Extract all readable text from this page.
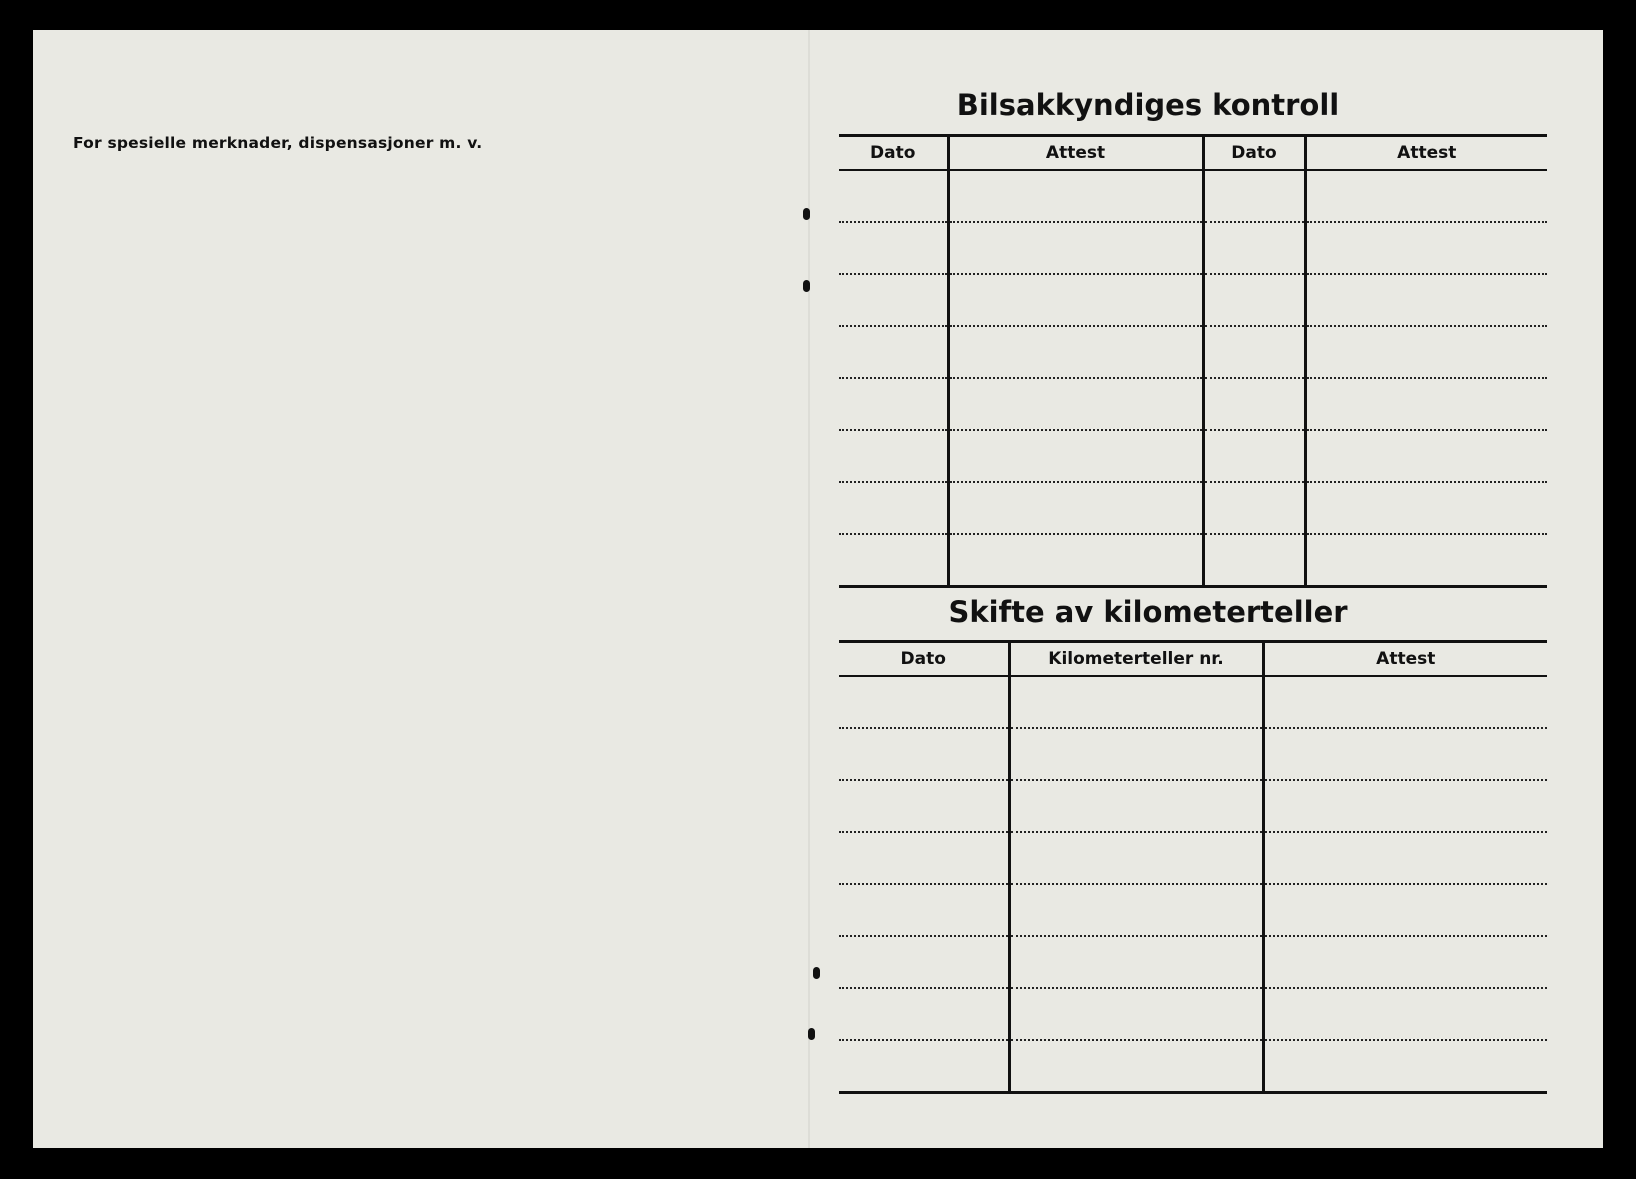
For spesielle merknader, dispensasjoner m. v.
Bilsakkyndiges kontroll
Dato	Attest	Dato	Attest

Skifte av kilometerteller
Dato	Kilometerteller nr.	Attest
